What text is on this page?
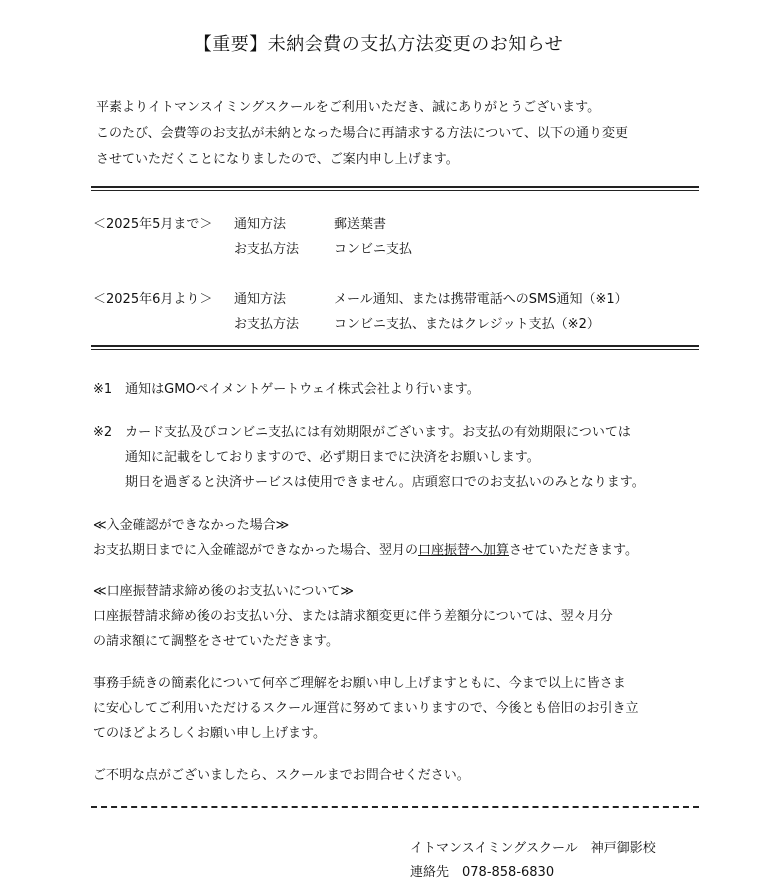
【重要】未納会費の支払方法変更のお知らせ
平素よりイトマンスイミングスクールをご利用いただき、誠にありがとうございます。
このたび、会費等のお支払が未納となった場合に再請求する方法について、以下の通り変更
させていただくことになりましたので、ご案内申し上げます。
＜2025年5月まで＞ 通知方法	郵送葉書
お支払方法	コンビニ支払
＜2025年6月より＞ 通知方法	メール通知、または携帯電話へのSMS通知（※1）
お支払方法	コンビニ支払、またはクレジット支払（※2）
※1　通知はGMOペイメントゲートウェイ株式会社より行います。
※2　カード支払及びコンビニ支払には有効期限がございます。お支払の有効期限については
通知に記載をしておりますので、必ず期日までに決済をお願いします。
期日を過ぎると決済サービスは使用できません。店頭窓口でのお支払いのみとなります。
≪入金確認ができなかった場合≫
お支払期日までに入金確認ができなかった場合、翌月の口座振替へ加算させていただきます。
≪口座振替請求締め後のお支払いについて≫
口座振替請求締め後のお支払い分、または請求額変更に伴う差額分については、翌々月分
の請求額にて調整をさせていただきます。
事務手続きの簡素化について何卒ご理解をお願い申し上げますともに、今まで以上に皆さま
に安心してご利用いただけるスクール運営に努めてまいりますので、今後とも倍旧のお引き立
てのほどよろしくお願い申し上げます。
ご不明な点がございましたら、スクールまでお問合せください。
イトマンスイミングスクール　神戸御影校
連絡先　078-858-6830
